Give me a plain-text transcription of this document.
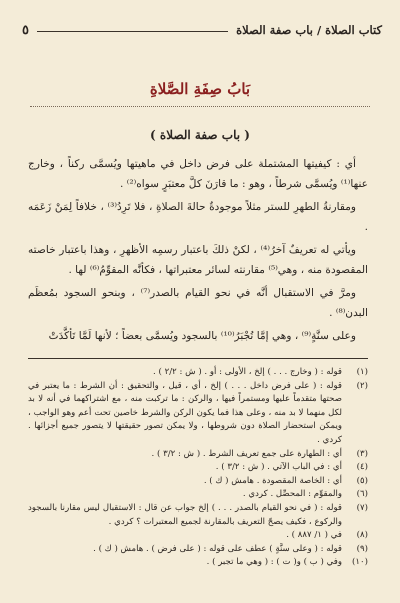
كتاب الصلاة / باب صفة الصلاة
٥
بَابُ صِفَةِ الصَّلاةِ
( باب صفة الصلاة )

أي : كيفيتها المشتملة على فرض داخل في ماهيتها ويُسمَّى ركناً ، وخارج عنها⁽¹⁾ ويُسمَّى شرطاً ، وهو : ما قارَنَ كلَّ معتبَرٍ سواه⁽²⁾ .

ومقارنةُ الطهرِ للستر مثلاً موجودةٌ حالةَ الصلاةِ ، فلا تَرِدُ⁽³⁾ ، خلافاً لِمَنْ زَعَمَه .

ويأتي له تعريفٌ آخرُ⁽⁴⁾ ، لكنْ ذلكَ باعتبار رسمِه الأظهرِ ، وهذا باعتبار خاصته المقصودة منه ، وهي⁽⁵⁾ مقارنته لسائر معتبراتها ، فكأنَّه المقوِّمُ⁽⁶⁾ لها .

ومرَّ في الاستقبال أنَّه في نحو القيام بالصدر⁽⁷⁾ ، وبنحو السجود بمُعظَم البدن⁽⁸⁾ .

وعلى سنَّةٍ⁽⁹⁾ ، وهي إمَّا تُجْبَرُ⁽¹⁰⁾ بالسجود ويُسمَّى بعضاً ؛ لأنها لَمَّا تَأكَّدَتْ

(١)
قوله : ( وخارج . . . ) إلخ ، الأولى : أو . ( ش : ٢/٢ ) .
(٢)
قوله : ( على فرض داخل . . . ) إلخ ، أي ، قيل ، والتحقيق : أن الشرط : ما يعتبر في صحتها متقدماً عليها ومستمراً فيها ، والركن : ما تركبت منه ، مع اشتراكهما في أنه لا بد لكل منهما لا بد منه ، وعلى هذا فما يكون الركن والشرط خاصين تحت أعم وهو الواجب ، ويمكن استحضار الصلاة دون شروطها ، ولا يمكن تصور حقيقتها لا يتصور جميع أجزائها . كردي .
(٣)
أي : الطهارة على جمع تعريف الشرط . ( ش : ٣/٢ ) .
(٤)
أي : في الباب الآتي . ( ش : ٣/٢ ) .
(٥)
أي : الخاصة المقصودة . هامش ( ك ) .
(٦)
والمقوِّم : المحصِّل . كردي .
(٧)
قوله : ( في نحو القيام بالصدر . . . ) إلخ جواب عن قال : الاستقبال ليس مقارنا بالسجود والركوع ، فكيف يصحّ التعريف بالمقارنة لجميع المعتبرات ؟ كردي .
(٨)
في ( ١/ ٨٨٧ ) .
(٩)
قوله : ( وعلى سنَّةٍ ) عطف على قوله : ( على فرض ) . هامش ( ك ) .
(١٠)
وفي ( ب ) و( ت ) : ( وهي ما تجبر ) .
